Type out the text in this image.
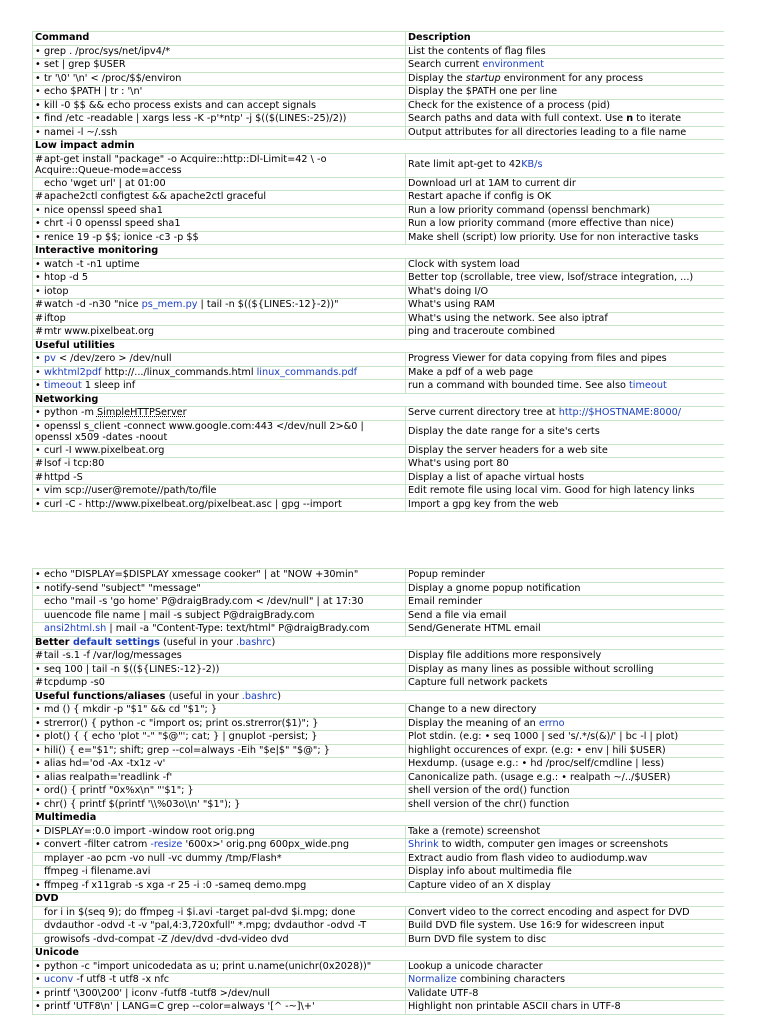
Command	Description
• grep . /proc/sys/net/ipv4/*	List the contents of flag files
• set | grep $USER	Search current environment
• tr '\0' '\n' < /proc/$$/environ	Display the startup environment for any process
• echo $PATH | tr : '\n'	Display the $PATH one per line
• kill -0 $$ && echo process exists and can accept signals	Check for the existence of a process (pid)
• find /etc -readable | xargs less -K -p'*ntp' -j $(($(LINES:-25)/2))	Search paths and data with full context. Use n to iterate
• namei -l ~/.ssh	Output attributes for all directories leading to a file name
Low impact admin	
#apt-get install "package" -o Acquire::http::Dl-Limit=42 \ -o Acquire::Queue-mode=access	Rate limit apt-get to 42KB/s
echo 'wget url' | at 01:00	Download url at 1AM to current dir
#apache2ctl configtest && apache2ctl graceful	Restart apache if config is OK
• nice openssl speed sha1	Run a low priority command (openssl benchmark)
• chrt -i 0 openssl speed sha1	Run a low priority command (more effective than nice)
• renice 19 -p $$; ionice -c3 -p $$	Make shell (script) low priority. Use for non interactive tasks
Interactive monitoring	
• watch -t -n1 uptime	Clock with system load
• htop -d 5	Better top (scrollable, tree view, lsof/strace integration, ...)
• iotop	What's doing I/O
#watch -d -n30 "nice ps_mem.py | tail -n $((${LINES:-12}-2))"	What's using RAM
#iftop	What's using the network. See also iptraf
#mtr www.pixelbeat.org	ping and traceroute combined
Useful utilities	
• pv < /dev/zero > /dev/null	Progress Viewer for data copying from files and pipes
• wkhtml2pdf http://.../linux_commands.html linux_commands.pdf	Make a pdf of a web page
• timeout 1 sleep inf	run a command with bounded time. See also timeout
Networking	
• python -m SimpleHTTPServer	Serve current directory tree at http://$HOSTNAME:8000/
• openssl s_client -connect www.google.com:443 </dev/null 2>&0 | openssl x509 -dates -noout	Display the date range for a site's certs
• curl -I www.pixelbeat.org	Display the server headers for a web site
#lsof -i tcp:80	What's using port 80
#httpd -S	Display a list of apache virtual hosts
• vim scp://user@remote//path/to/file	Edit remote file using local vim. Good for high latency links
• curl -C - http://www.pixelbeat.org/pixelbeat.asc | gpg --import	Import a gpg key from the web
• echo "DISPLAY=$DISPLAY xmessage cooker" | at "NOW +30min"	Popup reminder
• notify-send "subject" "message"	Display a gnome popup notification
echo "mail -s 'go home' P@draigBrady.com < /dev/null" | at 17:30	Email reminder
uuencode file name | mail -s subject P@draigBrady.com	Send a file via email
ansi2html.sh | mail -a "Content-Type: text/html" P@draigBrady.com	Send/Generate HTML email
Better default settings (useful in your .bashrc)	
#tail -s.1 -f /var/log/messages	Display file additions more responsively
• seq 100 | tail -n $((${LINES:-12}-2))	Display as many lines as possible without scrolling
#tcpdump -s0	Capture full network packets
Useful functions/aliases (useful in your .bashrc)	
• md () { mkdir -p "$1" && cd "$1"; }	Change to a new directory
• strerror() { python -c "import os; print os.strerror($1)"; }	Display the meaning of an errno
• plot() { { echo 'plot "-" "$@"'; cat; } | gnuplot -persist; }	Plot stdin. (e.g: • seq 1000 | sed 's/.*/s(&)/' | bc -l | plot)
• hili() { e="$1"; shift; grep --col=always -Eih "$e|$" "$@"; }	highlight occurences of expr. (e.g: • env | hili $USER)
• alias hd='od -Ax -tx1z -v'	Hexdump. (usage e.g.: • hd /proc/self/cmdline | less)
• alias realpath='readlink -f'	Canonicalize path. (usage e.g.: • realpath ~/../$USER)
• ord() { printf "0x%x\n" "'$1"; }	shell version of the ord() function
• chr() { printf $(printf '\\%03o\\n' "$1"); }	shell version of the chr() function
Multimedia	
• DISPLAY=:0.0 import -window root orig.png	Take a (remote) screenshot
• convert -filter catrom -resize '600x>' orig.png 600px_wide.png	Shrink to width, computer gen images or screenshots
mplayer -ao pcm -vo null -vc dummy /tmp/Flash*	Extract audio from flash video to audiodump.wav
ffmpeg -i filename.avi	Display info about multimedia file
• ffmpeg -f x11grab -s xga -r 25 -i :0 -sameq demo.mpg	Capture video of an X display
DVD	
for i in $(seq 9); do ffmpeg -i $i.avi -target pal-dvd $i.mpg; done	Convert video to the correct encoding and aspect for DVD
dvdauthor -odvd -t -v "pal,4:3,720xfull" *.mpg; dvdauthor -odvd -T	Build DVD file system. Use 16:9 for widescreen input
growisofs -dvd-compat -Z /dev/dvd -dvd-video dvd	Burn DVD file system to disc
Unicode	
• python -c "import unicodedata as u; print u.name(unichr(0x2028))"	Lookup a unicode character
• uconv -f utf8 -t utf8 -x nfc	Normalize combining characters
• printf '\300\200' | iconv -futf8 -tutf8 >/dev/null	Validate UTF-8
• printf 'ŨTF8\n' | LANG=C grep --color=always '[^ -~]\+'	Highlight non printable ASCII chars in UTF-8
